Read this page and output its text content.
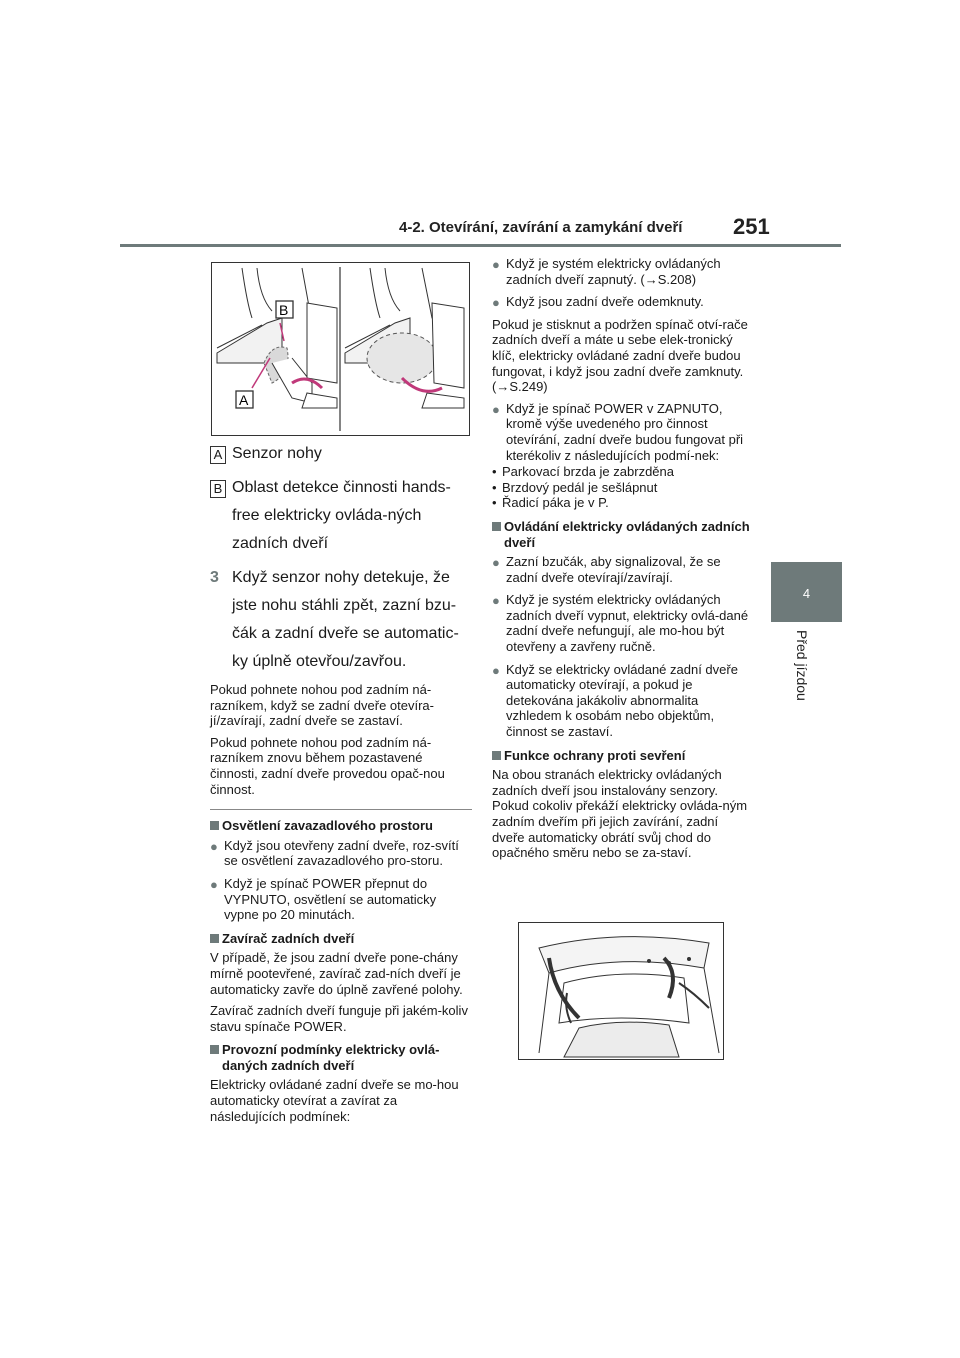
4-2. Otevírání, zavírání a zamykání dveří 251
4
Před jízdou
B
A
A Senzor nohy
B Oblast detekce činnosti hands-free elektricky ovláda-ných zadních dveří
3 Když senzor nohy detekuje, že jste nohu stáhli zpět, zazní bzu-čák a zadní dveře se automatic-ky úplně otevřou/zavřou.

Pokud pohnete nohou pod zadním ná-razníkem, když se zadní dveře otevíra-jí/zavírají, zadní dveře se zastaví.

Pokud pohnete nohou pod zadním ná-razníkem znovu během pozastavené činnosti, zadní dveře provedou opač-nou činnost.

Osvětlení zavazadlového prostoru
● Když jsou otevřeny zadní dveře, roz-svítí se osvětlení zavazadlového pro-storu.
● Když je spínač POWER přepnut do VYPNUTO, osvětlení se automaticky vypne po 20 minutách.
Zavírač zadních dveří

V případě, že jsou zadní dveře pone-chány mírně pootevřené, zavírač zad-ních dveří je automaticky zavře do úplně zavřené polohy.

Zavírač zadních dveří funguje při jakém-koliv stavu spínače POWER.

Provozní podmínky elektricky ovlá-daných zadních dveří

Elektricky ovládané zadní dveře se mo-hou automaticky otevírat a zavírat za následujících podmínek:

● Když je systém elektricky ovládaných zadních dveří zapnutý. (→S.208)
● Když jsou zadní dveře odemknuty.

Pokud je stisknut a podržen spínač otví-rače zadních dveří a máte u sebe elek-tronický klíč, elektricky ovládané zadní dveře budou fungovat, i když jsou zadní dveře zamknuty. (→S.249)

● Když je spínač POWER v ZAPNUTO, kromě výše uvedeného pro činnost otevírání, zadní dveře budou fungovat při kterékoliv z následujících podmí-nek:
• Parkovací brzda je zabrzděna
• Brzdový pedál je sešlápnut
• Řadicí páka je v P.
Ovládání elektricky ovládaných zadních dveří
● Zazní bzučák, aby signalizoval, že se zadní dveře otevírají/zavírají.
● Když je systém elektricky ovládaných zadních dveří vypnut, elektricky ovlá-dané zadní dveře nefungují, ale mo-hou být otevřeny a zavřeny ručně.
● Když se elektricky ovládané zadní dveře automaticky otevírají, a pokud je detekována jakákoliv abnormalita vzhledem k osobám nebo objektům, činnost se zastaví.
Funkce ochrany proti sevření

Na obou stranách elektricky ovládaných zadních dveří jsou instalovány senzory. Pokud cokoliv překáží elektricky ovláda-ným zadním dveřím při jejich zavírání, zadní dveře automaticky obrátí svůj chod do opačného směru nebo se za-staví.
